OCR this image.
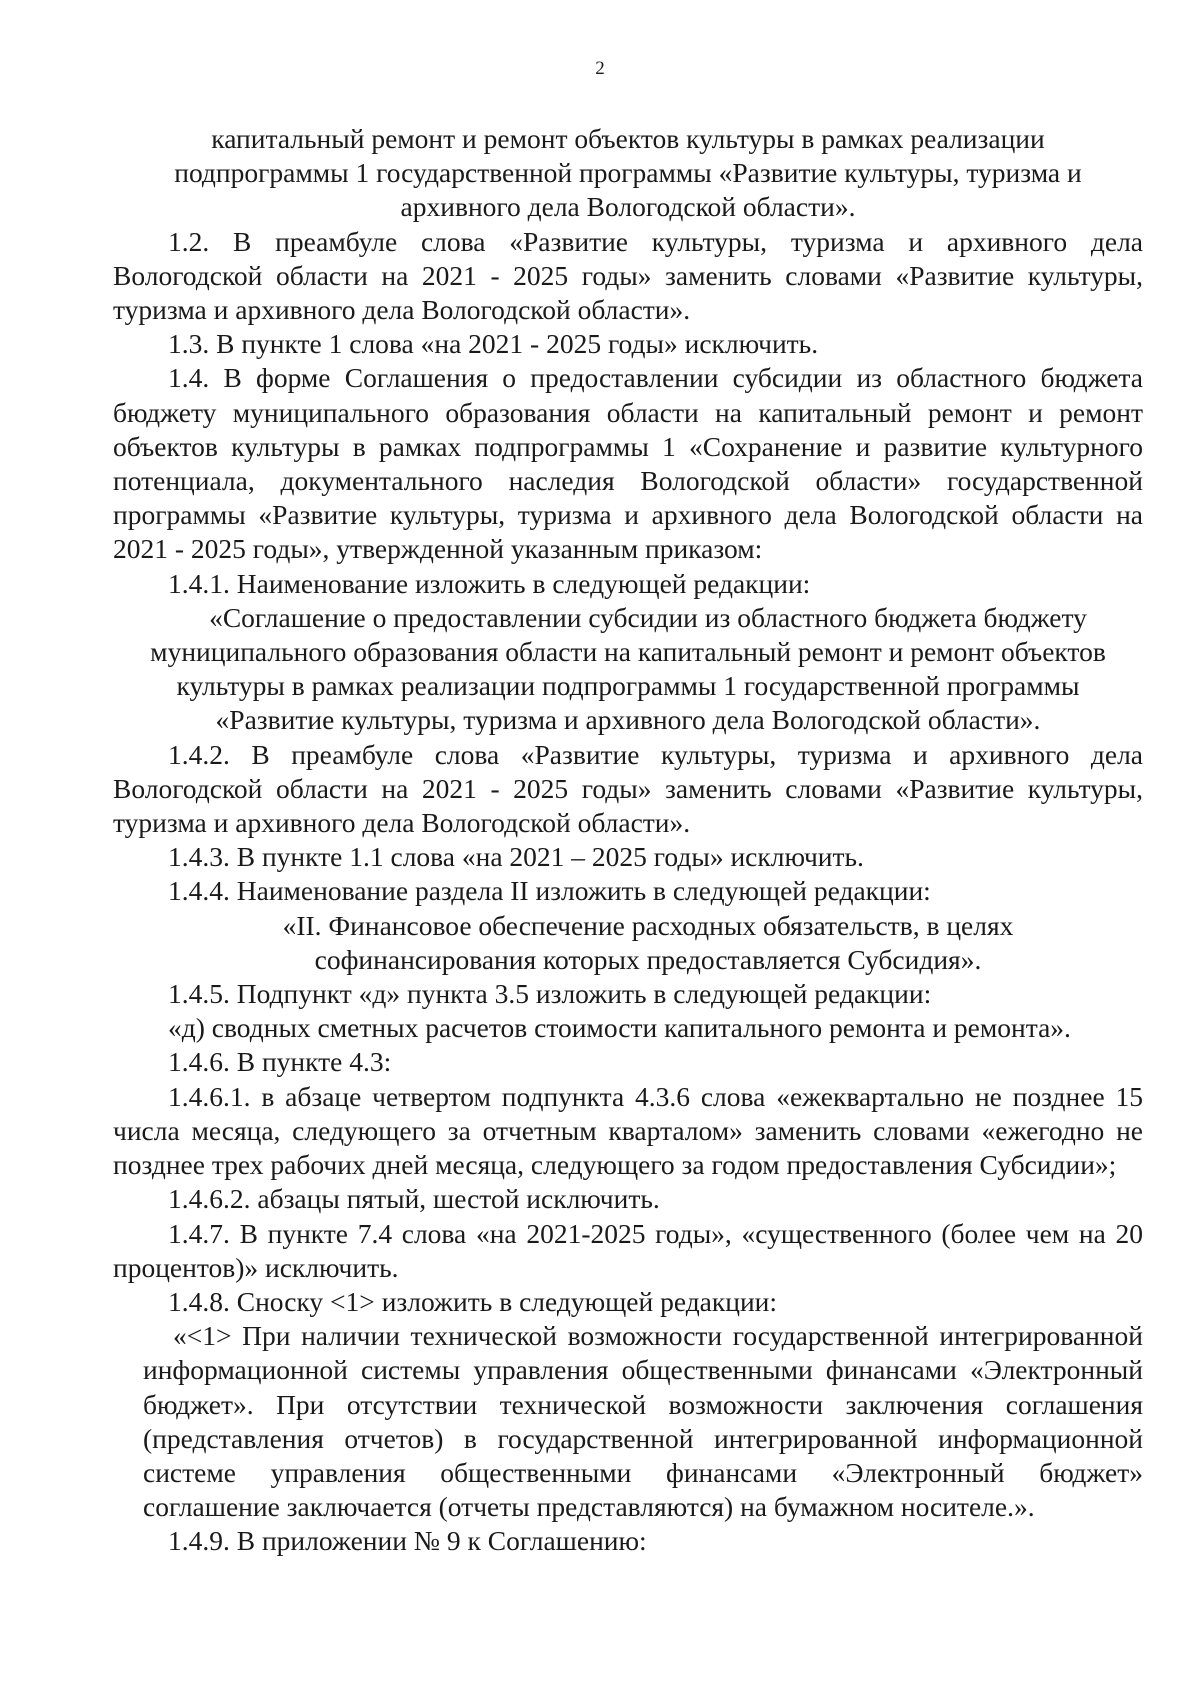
2

капитальный ремонт и ремонт объектов культуры в рамках реализации подпрограммы 1 государственной программы «Развитие культуры, туризма и архивного дела Вологодской области».

1.2. В преамбуле слова «Развитие культуры, туризма и архивного дела Вологодской области на 2021 - 2025 годы» заменить словами «Развитие культуры, туризма и архивного дела Вологодской области».

1.3. В пункте 1 слова «на 2021 - 2025 годы» исключить.

1.4. В форме Соглашения о предоставлении субсидии из областного бюджета бюджету муниципального образования области на капитальный ремонт и ремонт объектов культуры в рамках подпрограммы 1 «Сохранение и развитие культурного потенциала, документального наследия Вологодской области» государственной программы «Развитие культуры, туризма и архивного дела Вологодской области на 2021 - 2025 годы», утвержденной указанным приказом:

1.4.1. Наименование изложить в следующей редакции:

«Соглашение о предоставлении субсидии из областного бюджета бюджету муниципального образования области на капитальный ремонт и ремонт объектов культуры в рамках реализации подпрограммы 1 государственной программы «Развитие культуры, туризма и архивного дела Вологодской области».

1.4.2. В преамбуле слова «Развитие культуры, туризма и архивного дела Вологодской области на 2021 - 2025 годы» заменить словами «Развитие культуры, туризма и архивного дела Вологодской области».

1.4.3. В пункте 1.1 слова «на 2021 – 2025 годы» исключить.

1.4.4. Наименование раздела II изложить в следующей редакции:

«II. Финансовое обеспечение расходных обязательств, в целях

софинансирования которых предоставляется Субсидия».

1.4.5. Подпункт «д» пункта 3.5 изложить в следующей редакции:

«д) сводных сметных расчетов стоимости капитального ремонта и ремонта».

1.4.6. В пункте 4.3:

1.4.6.1. в абзаце четвертом подпункта 4.3.6 слова «ежеквартально не позднее 15 числа месяца, следующего за отчетным кварталом» заменить словами «ежегодно не позднее трех рабочих дней месяца, следующего за годом предоставления Субсидии»;

1.4.6.2. абзацы пятый, шестой исключить.

1.4.7. В пункте 7.4 слова «на 2021-2025 годы», «существенного (более чем на 20 процентов)» исключить.

1.4.8. Сноску <1> изложить в следующей редакции:

«<1> При наличии технической возможности государственной интегрированной информационной системы управления общественными финансами «Электронный бюджет». При отсутствии технической возможности заключения соглашения (представления отчетов) в государственной интегрированной информационной системе управления общественными финансами «Электронный бюджет» соглашение заключается (отчеты представляются) на бумажном носителе.».

1.4.9. В приложении № 9 к Соглашению:
